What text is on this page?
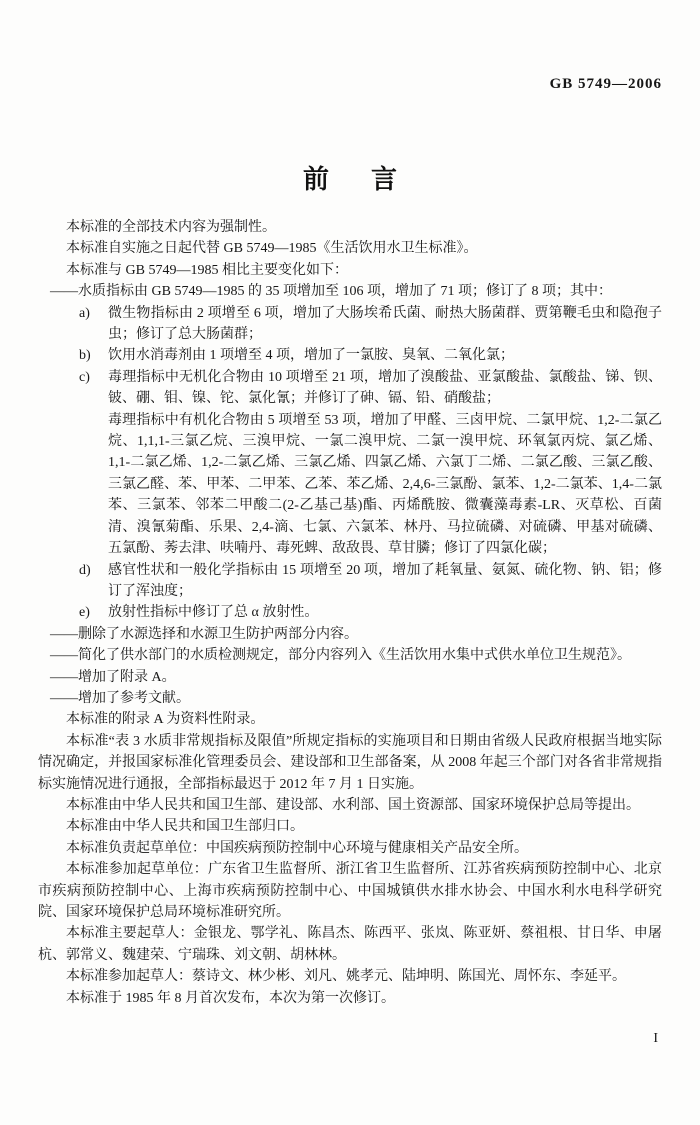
GB 5749—2006
前 言
本标准的全部技术内容为强制性。
本标准自实施之日起代替 GB 5749—1985《生活饮用水卫生标准》。
本标准与 GB 5749—1985 相比主要变化如下：
——水质指标由 GB 5749—1985 的 35 项增加至 106 项，增加了 71 项；修订了 8 项；其中：
a) 微生物指标由 2 项增至 6 项，增加了大肠埃希氏菌、耐热大肠菌群、贾第鞭毛虫和隐孢子虫；修订了总大肠菌群；
b) 饮用水消毒剂由 1 项增至 4 项，增加了一氯胺、臭氧、二氧化氯；
c) 毒理指标中无机化合物由 10 项增至 21 项，增加了溴酸盐、亚氯酸盐、氯酸盐、锑、钡、铍、硼、钼、镍、铊、氯化氰；并修订了砷、镉、铅、硝酸盐；
毒理指标中有机化合物由 5 项增至 53 项，增加了甲醛、三卤甲烷、二氯甲烷、1,2-二氯乙烷、1,1,1-三氯乙烷、三溴甲烷、一氯二溴甲烷、二氯一溴甲烷、环氧氯丙烷、氯乙烯、1,1-二氯乙烯、1,2-二氯乙烯、三氯乙烯、四氯乙烯、六氯丁二烯、二氯乙酸、三氯乙酸、三氯乙醛、苯、甲苯、二甲苯、乙苯、苯乙烯、2,4,6-三氯酚、氯苯、1,2-二氯苯、1,4-二氯苯、三氯苯、邻苯二甲酸二(2-乙基己基)酯、丙烯酰胺、微囊藻毒素-LR、灭草松、百菌清、溴氰菊酯、乐果、2,4-滴、七氯、六氯苯、林丹、马拉硫磷、对硫磷、甲基对硫磷、五氯酚、莠去津、呋喃丹、毒死蜱、敌敌畏、草甘膦；修订了四氯化碳；
d) 感官性状和一般化学指标由 15 项增至 20 项，增加了耗氧量、氨氮、硫化物、钠、铝；修订了浑浊度；
e) 放射性指标中修订了总 α 放射性。
——删除了水源选择和水源卫生防护两部分内容。
——简化了供水部门的水质检测规定，部分内容列入《生活饮用水集中式供水单位卫生规范》。
——增加了附录 A。
——增加了参考文献。
本标准的附录 A 为资料性附录。
本标准“表 3 水质非常规指标及限值”所规定指标的实施项目和日期由省级人民政府根据当地实际情况确定，并报国家标准化管理委员会、建设部和卫生部备案，从 2008 年起三个部门对各省非常规指标实施情况进行通报，全部指标最迟于 2012 年 7 月 1 日实施。
本标准由中华人民共和国卫生部、建设部、水利部、国土资源部、国家环境保护总局等提出。
本标准由中华人民共和国卫生部归口。
本标准负责起草单位：中国疾病预防控制中心环境与健康相关产品安全所。
本标准参加起草单位：广东省卫生监督所、浙江省卫生监督所、江苏省疾病预防控制中心、北京市疾病预防控制中心、上海市疾病预防控制中心、中国城镇供水排水协会、中国水利水电科学研究院、国家环境保护总局环境标准研究所。
本标准主要起草人：金银龙、鄂学礼、陈昌杰、陈西平、张岚、陈亚妍、蔡祖根、甘日华、申屠杭、郭常义、魏建荣、宁瑞珠、刘文朝、胡林林。
本标准参加起草人：蔡诗文、林少彬、刘凡、姚孝元、陆坤明、陈国光、周怀东、李延平。
本标准于 1985 年 8 月首次发布，本次为第一次修订。
I
